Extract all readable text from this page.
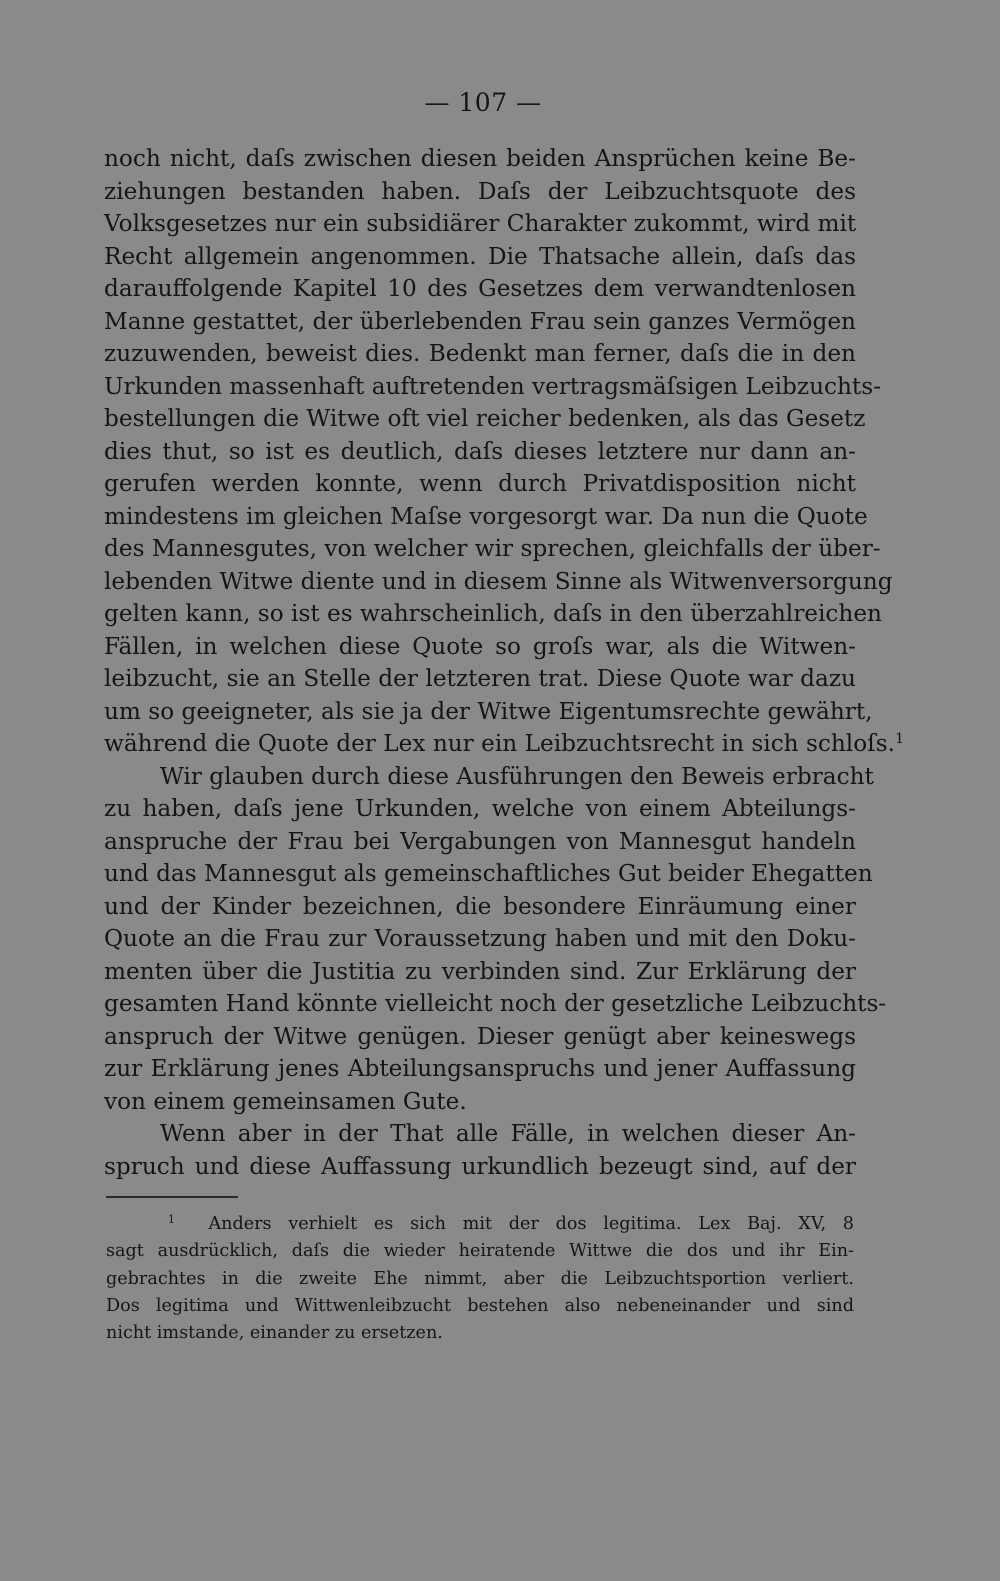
— 107 —

noch nicht, daſs zwischen diesen beiden Ansprüchen keine Be-
ziehungen bestanden haben. Daſs der Leibzuchtsquote des
Volksgesetzes nur ein subsidiärer Charakter zukommt, wird mit
Recht allgemein angenommen. Die Thatsache allein, daſs das
darauffolgende Kapitel 10 des Gesetzes dem verwandtenlosen
Manne gestattet, der überlebenden Frau sein ganzes Vermögen
zuzuwenden, beweist dies. Bedenkt man ferner, daſs die in den
Urkunden massenhaft auftretenden vertragsmäſsigen Leibzuchts-
bestellungen die Witwe oft viel reicher bedenken, als das Gesetz
dies thut, so ist es deutlich, daſs dieses letztere nur dann an-
gerufen werden konnte, wenn durch Privatdisposition nicht
mindestens im gleichen Maſse vorgesorgt war. Da nun die Quote
des Mannesgutes, von welcher wir sprechen, gleichfalls der über-
lebenden Witwe diente und in diesem Sinne als Witwenversorgung
gelten kann, so ist es wahrscheinlich, daſs in den überzahlreichen
Fällen, in welchen diese Quote so groſs war, als die Witwen-
leibzucht, sie an Stelle der letzteren trat. Diese Quote war dazu
um so geeigneter, als sie ja der Witwe Eigentumsrechte gewährt,
während die Quote der Lex nur ein Leibzuchtsrecht in sich schloſs.$^1$

Wir glauben durch diese Ausführungen den Beweis erbracht
zu haben, daſs jene Urkunden, welche von einem Abteilungs-
anspruche der Frau bei Vergabungen von Mannesgut handeln
und das Mannesgut als gemeinschaftliches Gut beider Ehegatten
und der Kinder bezeichnen, die besondere Einräumung einer
Quote an die Frau zur Voraussetzung haben und mit den Doku-
menten über die Justitia zu verbinden sind. Zur Erklärung der
gesamten Hand könnte vielleicht noch der gesetzliche Leibzuchts-
anspruch der Witwe genügen. Dieser genügt aber keineswegs
zur Erklärung jenes Abteilungsanspruchs und jener Auffassung
von einem gemeinsamen Gute.

Wenn aber in der That alle Fälle, in welchen dieser An-
spruch und diese Auffassung urkundlich bezeugt sind, auf der

$^1$ Anders verhielt es sich mit der dos legitima. Lex Baj. XV, 8
sagt ausdrücklich, daſs die wieder heiratende Wittwe die dos und ihr Ein-
gebrachtes in die zweite Ehe nimmt, aber die Leibzuchtsportion verliert.
Dos legitima und Wittwenleibzucht bestehen also nebeneinander und sind
nicht imstande, einander zu ersetzen.
